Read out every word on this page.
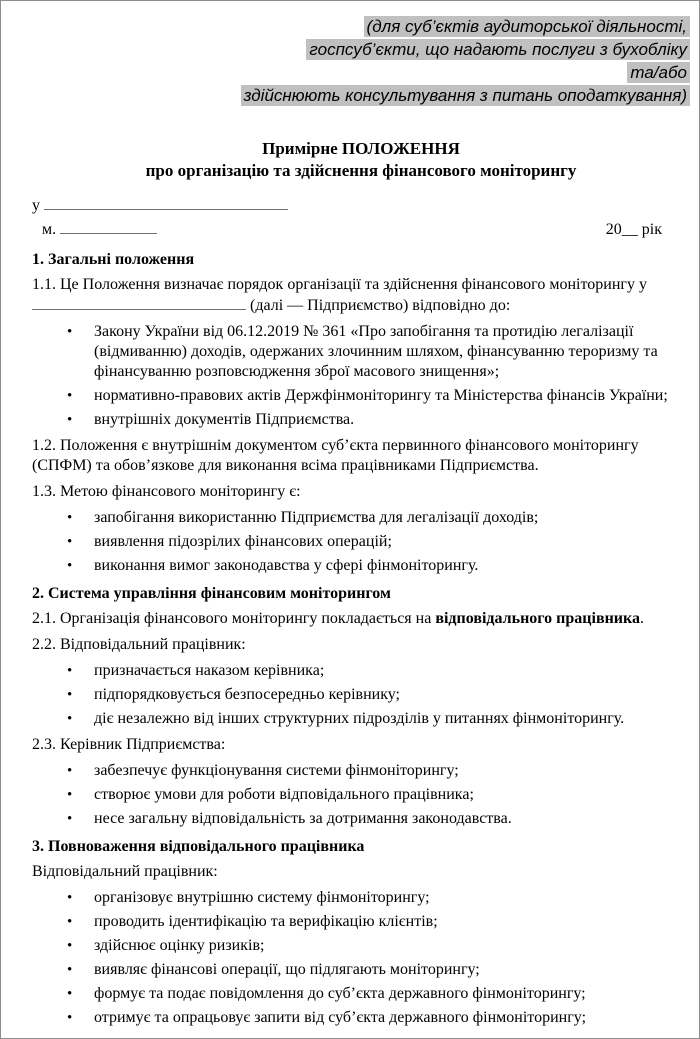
(для суб’єктів аудиторської діяльності,
госпсуб’єкти, що надають послуги з бухобліку
та/або
здійснюють консультування з питань оподаткування)
Примірне ПОЛОЖЕННЯ
про організацію та здійснення фінансового моніторингу
у
м.	20__ рік

1. Загальні положення

1.1. Це Положення визначає порядок організації та здійснення фінансового моніторингу у
(далі — Підприємство) відповідно до:

• Закону України від 06.12.2019 № 361 «Про запобігання та протидію легалізації (відмиванню) доходів, одержаних злочинним шляхом, фінансуванню тероризму та фінансуванню розповсюдження зброї масового знищення»;
• нормативно-правових актів Держфінмоніторингу та Міністерства фінансів України;
• внутрішніх документів Підприємства.

1.2. Положення є внутрішнім документом суб’єкта первинного фінансового моніторингу (СПФМ) та обов’язкове для виконання всіма працівниками Підприємства.

1.3. Метою фінансового моніторингу є:

• запобігання використанню Підприємства для легалізації доходів;
• виявлення підозрілих фінансових операцій;
• виконання вимог законодавства у сфері фінмоніторингу.

2. Система управління фінансовим моніторингом

2.1. Організація фінансового моніторингу покладається на відповідального працівника.

2.2. Відповідальний працівник:

• призначається наказом керівника;
• підпорядковується безпосередньо керівнику;
• діє незалежно від інших структурних підрозділів у питаннях фінмоніторингу.

2.3. Керівник Підприємства:

• забезпечує функціонування системи фінмоніторингу;
• створює умови для роботи відповідального працівника;
• несе загальну відповідальність за дотримання законодавства.

3. Повноваження відповідального працівника

Відповідальний працівник:

• організовує внутрішню систему фінмоніторингу;
• проводить ідентифікацію та верифікацію клієнтів;
• здійснює оцінку ризиків;
• виявляє фінансові операції, що підлягають моніторингу;
• формує та подає повідомлення до суб’єкта державного фінмоніторингу;
• отримує та опрацьовує запити від суб’єкта державного фінмоніторингу;
